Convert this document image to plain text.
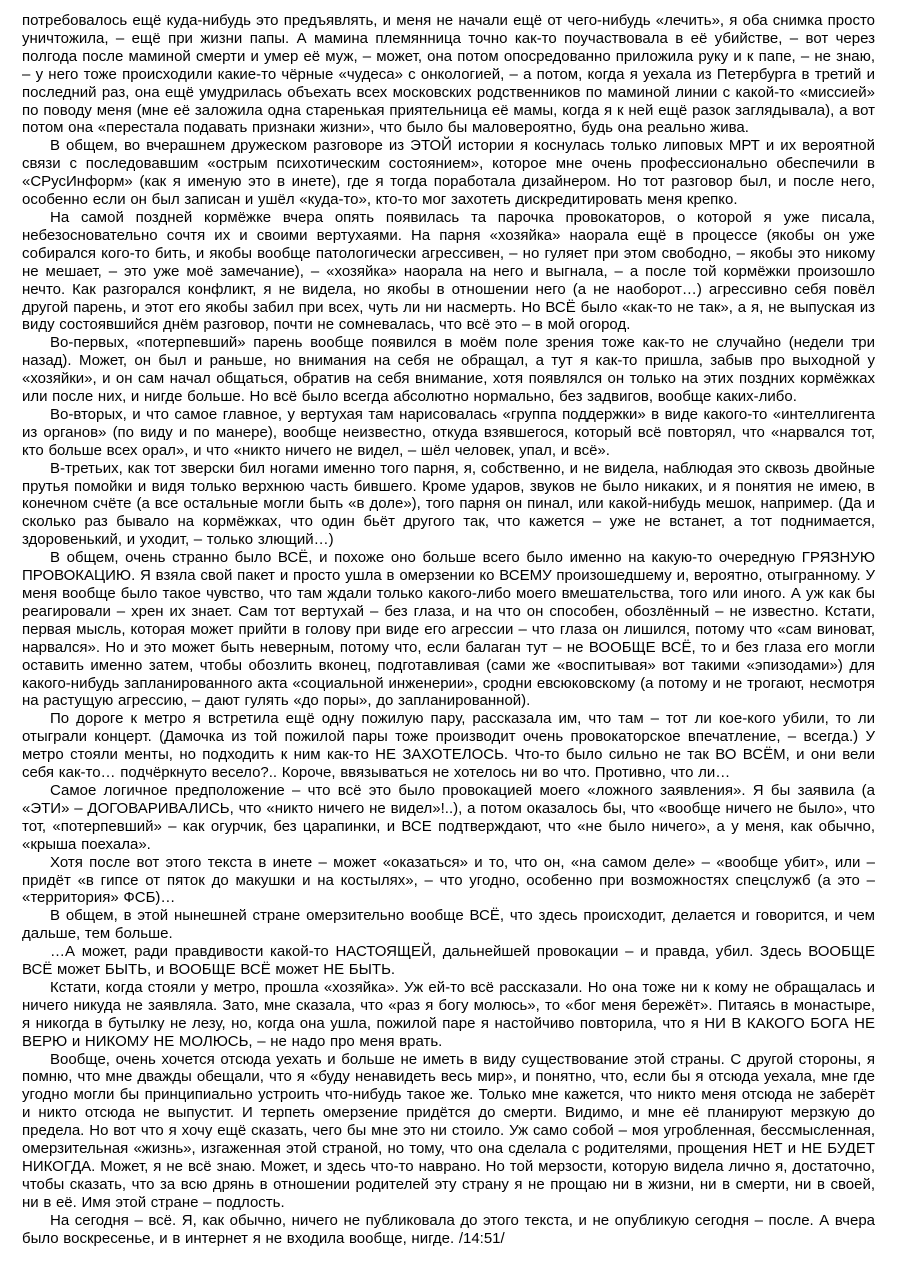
потребовалось ещё куда-нибудь это предъявлять, и меня не начали ещё от чего-нибудь «лечить», я оба снимка просто уничтожила, – ещё при жизни папы. А мамина племянница точно как-то поучаствовала в её убийстве, – вот через полгода после маминой смерти и умер её муж, – может, она потом опосредованно приложила руку и к папе, – не знаю, – у него тоже происходили какие-то чёрные «чудеса» с онкологией, – а потом, когда я уехала из Петербурга в третий и последний раз, она ещё умудрилась объехать всех московских родственников по маминой линии с какой-то «миссией» по поводу меня (мне её заложила одна старенькая приятельница её мамы, когда я к ней ещё разок заглядывала), а вот потом она «перестала подавать признаки жизни», что было бы маловероятно, будь она реально жива.

В общем, во вчерашнем дружеском разговоре из ЭТОЙ истории я коснулась только липовых МРТ и их вероятной связи с последовавшим «острым психотическим состоянием», которое мне очень профессионально обеспечили в «СРусИнформ» (как я именую это в инете), где я тогда поработала дизайнером. Но тот разговор был, и после него, особенно если он был записан и ушёл «куда-то», кто-то мог захотеть дискредитировать меня крепко.

На самой поздней кормёжке вчера опять появилась та парочка провокаторов, о которой я уже писала, небезосновательно сочтя их и своими вертухаями. На парня «хозяйка» наорала ещё в процессе (якобы он уже собирался кого-то бить, и якобы вообще патологически агрессивен, – но гуляет при этом свободно, – якобы это никому не мешает, – это уже моё замечание), – «хозяйка» наорала на него и выгнала, – а после той кормёжки произошло нечто. Как разгорался конфликт, я не видела, но якобы в отношении него (а не наоборот…) агрессивно себя повёл другой парень, и этот его якобы забил при всех, чуть ли ни насмерть. Но ВСЁ было «как-то не так», а я, не выпуская из виду состоявшийся днём разговор, почти не сомневалась, что всё это – в мой огород.

Во-первых, «потерпевший» парень вообще появился в моём поле зрения тоже как-то не случайно (недели три назад). Может, он был и раньше, но внимания на себя не обращал, а тут я как-то пришла, забыв про выходной у «хозяйки», и он сам начал общаться, обратив на себя внимание, хотя появлялся он только на этих поздних кормёжках или после них, и нигде больше. Но всё было всегда абсолютно нормально, без задвигов, вообще каких-либо.

Во-вторых, и что самое главное, у вертухая там нарисовалась «группа поддержки» в виде какого-то «интеллигента из органов» (по виду и по манере), вообще неизвестно, откуда взявшегося, который всё повторял, что «нарвался тот, кто больше всех орал», и что «никто ничего не видел, – шёл человек, упал, и всё».

В-третьих, как тот зверски бил ногами именно того парня, я, собственно, и не видела, наблюдая это сквозь двойные прутья помойки и видя только верхнюю часть бившего. Кроме ударов, звуков не было никаких, и я понятия не имею, в конечном счёте (а все остальные могли быть «в доле»), того парня он пинал, или какой-нибудь мешок, например. (Да и сколько раз бывало на кормёжках, что один бьёт другого так, что кажется – уже не встанет, а тот поднимается, здоровенький, и уходит, – только злющий…)

В общем, очень странно было ВСЁ, и похоже оно больше всего было именно на какую-то очередную ГРЯЗНУЮ ПРОВОКАЦИЮ. Я взяла свой пакет и просто ушла в омерзении ко ВСЕМУ произошедшему и, вероятно, отыгранному. У меня вообще было такое чувство, что там ждали только какого-либо моего вмешательства, того или иного. А уж как бы реагировали – хрен их знает. Сам тот вертухай – без глаза, и на что он способен, обозлённый – не известно. Кстати, первая мысль, которая может прийти в голову при виде его агрессии – что глаза он лишился, потому что «сам виноват, нарвался». Но и это может быть неверным, потому что, если балаган тут – не ВООБЩЕ ВСЁ, то и без глаза его могли оставить именно затем, чтобы обозлить вконец, подготавливая (сами же «воспитывая» вот такими «эпизодами») для какого-нибудь запланированного акта «социальной инженерии», сродни евсюковскому (а потому и не трогают, несмотря на растущую агрессию, – дают гулять «до поры», до запланированной).

По дороге к метро я встретила ещё одну пожилую пару, рассказала им, что там – тот ли кое-кого убили, то ли отыграли концерт. (Дамочка из той пожилой пары тоже производит очень провокаторское впечатление, – всегда.) У метро стояли менты, но подходить к ним как-то НЕ ЗАХОТЕЛОСЬ. Что-то было сильно не так ВО ВСЁМ, и они вели себя как-то… подчёркнуто весело?.. Короче, ввязываться не хотелось ни во что. Противно, что ли…

Самое логичное предположение – что всё это было провокацией моего «ложного заявления». Я бы заявила (а «ЭТИ» – ДОГОВАРИВАЛИСЬ, что «никто ничего не видел»!..), а потом оказалось бы, что «вообще ничего не было», что тот, «потерпевший» – как огурчик, без царапинки, и ВСЕ подтверждают, что «не было ничего», а у меня, как обычно, «крыша поехала».

Хотя после вот этого текста в инете – может «оказаться» и то, что он, «на самом деле» – «вообще убит», или – придёт «в гипсе от пяток до макушки и на костылях», – что угодно, особенно при возможностях спецслужб (а это – «территория» ФСБ)…

В общем, в этой нынешней стране омерзительно вообще ВСЁ, что здесь происходит, делается и говорится, и чем дальше, тем больше.

…А может, ради правдивости какой-то НАСТОЯЩЕЙ, дальнейшей провокации – и правда, убил. Здесь ВООБЩЕ ВСЁ может БЫТЬ, и ВООБЩЕ ВСЁ может НЕ БЫТЬ.

Кстати, когда стояли у метро, прошла «хозяйка». Уж ей-то всё рассказали. Но она тоже ни к кому не обращалась и ничего никуда не заявляла. Зато, мне сказала, что «раз я богу молюсь», то «бог меня бережёт». Питаясь в монастыре, я никогда в бутылку не лезу, но, когда она ушла, пожилой паре я настойчиво повторила, что я НИ В КАКОГО БОГА НЕ ВЕРЮ и НИКОМУ НЕ МОЛЮСЬ, – не надо про меня врать.

Вообще, очень хочется отсюда уехать и больше не иметь в виду существование этой страны. С другой стороны, я помню, что мне дважды обещали, что я «буду ненавидеть весь мир», и понятно, что, если бы я отсюда уехала, мне где угодно могли бы принципиально устроить что-нибудь такое же. Только мне кажется, что никто меня отсюда не заберёт и никто отсюда не выпустит. И терпеть омерзение придётся до смерти. Видимо, и мне её планируют мерзкую до предела. Но вот что я хочу ещё сказать, чего бы мне это ни стоило. Уж само собой – моя угробленная, бессмысленная, омерзительная «жизнь», изгаженная этой страной, но тому, что она сделала с родителями, прощения НЕТ и НЕ БУДЕТ НИКОГДА. Может, я не всё знаю. Может, и здесь что-то наврано. Но той мерзости, которую видела лично я, достаточно, чтобы сказать, что за всю дрянь в отношении родителей эту страну я не прощаю ни в жизни, ни в смерти, ни в своей, ни в её. Имя этой стране – подлость.

На сегодня – всё. Я, как обычно, ничего не публиковала до этого текста, и не опубликую сегодня – после. А вчера было воскресенье, и в интернет я не входила вообще, нигде. /14:51/
